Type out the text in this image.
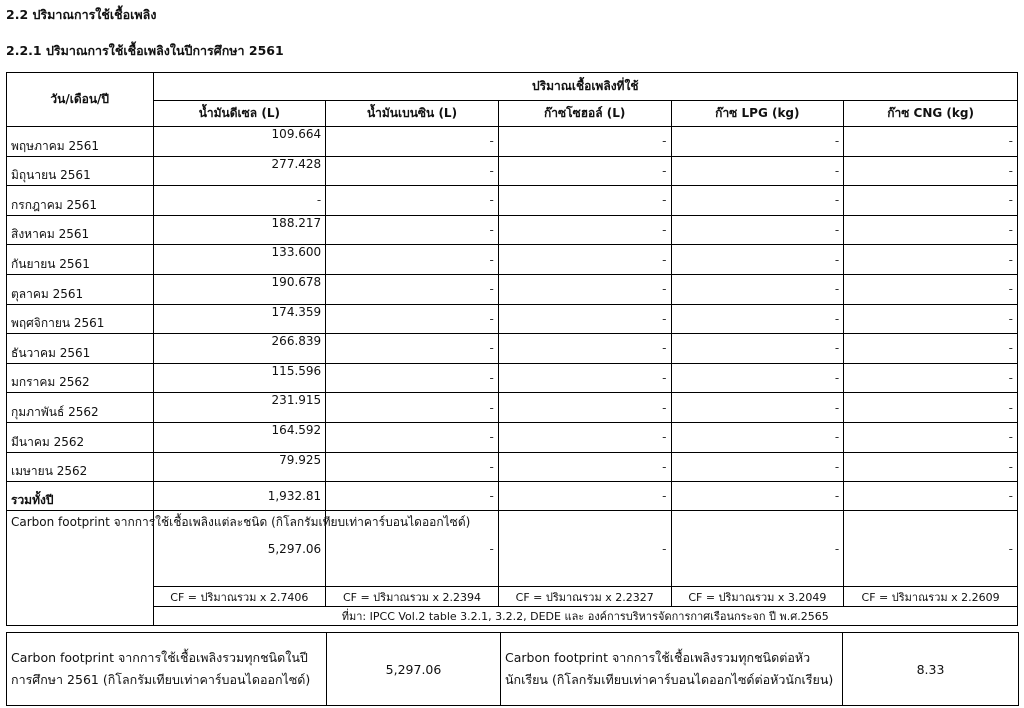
2.2 ปริมาณการใช้เชื้อเพลิง
2.2.1 ปริมาณการใช้เชื้อเพลิงในปีการศึกษา 2561
วัน/เดือน/ปี	ปริมาณเชื้อเพลิงที่ใช้				
	น้ำมันดีเซล (L)	น้ำมันเบนซิน (L)	ก๊าซโซฮอล์ (L)	ก๊าซ LPG (kg)	ก๊าซ CNG (kg)
พฤษภาคม 2561	109.664	-	-	-	-
มิถุนายน 2561	277.428	-	-	-	-
กรกฎาคม 2561	-	-	-	-	-
สิงหาคม 2561	188.217	-	-	-	-
กันยายน 2561	133.600	-	-	-	-
ตุลาคม 2561	190.678	-	-	-	-
พฤศจิกายน 2561	174.359	-	-	-	-
ธันวาคม 2561	266.839	-	-	-	-
มกราคม 2562	115.596	-	-	-	-
กุมภาพันธ์ 2562	231.915	-	-	-	-
มีนาคม 2562	164.592	-	-	-	-
เมษายน 2562	79.925	-	-	-	-
รวมทั้งปี	1,932.81	-	-	-	-
Carbon footprint จากการใช้เชื้อเพลิงแต่ละชนิด (กิโลกรัมเทียบเท่าคาร์บอนไดออกไซด์)	5,297.06	-	-	-	-
	CF = ปริมาณรวม x 2.7406	CF = ปริมาณรวม x 2.2394	CF = ปริมาณรวม x 2.2327	CF = ปริมาณรวม x 3.2049	CF = ปริมาณรวม x 2.2609
	ที่มา: IPCC Vol.2 table 3.2.1, 3.2.2, DEDE และ องค์การบริหารจัดการกาศเรือนกระจก ปี พ.ศ.2565				
Carbon footprint จากการใช้เชื้อเพลิงรวมทุกชนิดในปีการศึกษา 2561 (กิโลกรัมเทียบเท่าคาร์บอนไดออกไซด์)	5,297.06	Carbon footprint จากการใช้เชื้อเพลิงรวมทุกชนิดต่อหัวนักเรียน (กิโลกรัมเทียบเท่าคาร์บอนไดออกไซด์ต่อหัวนักเรียน)	8.33
